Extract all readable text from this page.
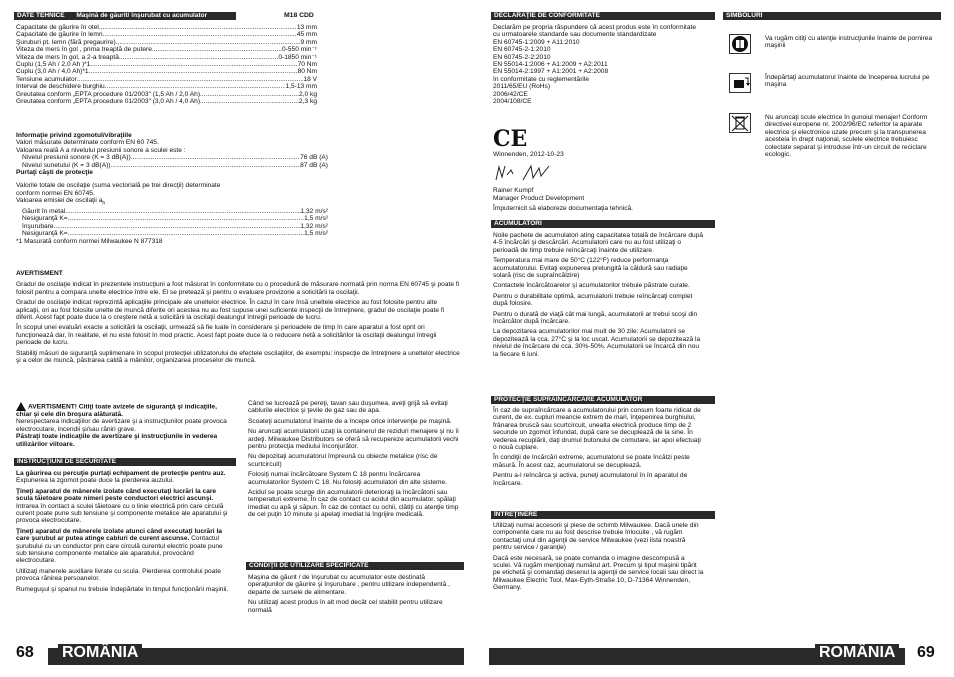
DATE TEHNICE Maşină de găurit/ înşurubat cu acumulator	M18 CDD
Capacitate de găurire în otel .....	13 mm
Capacitate de găurire în lemn .....	45 mm
Şuruburi pt. lemn (fără pregaurire) .....	9 mm
Viteza de mers în gol , prima treaptă de putere .....	0-550 min⁻¹
Viteza de mers în gol, a 2-a treaptă .....	0-1850 min⁻¹
Cuplu (1,5 Ah / 2,0 Ah )*1 .....	70 Nm
Cuplu (3,0 Ah / 4,0 Ah)*1 .....	80 Nm
Tensiune acumulator .....	18 V
Interval de deschidere burghiu .....	1,5-13 mm
Greutatea conform „EPTA procedure 01/2003" (1,5 Ah / 2,0 Ah) .....	2,0 kg
Greutatea conform „EPTA procedure 01/2003" (3,0 Ah / 4,0 Ah) .....	2,3 kg
Informaţie privind zgomotul/vibraţiile
Valori măsurate determinate conform EN 60 745.
Valoarea reală A a nivelului presiunii sonore a sculei este :
Nivelul presiunii sonore (K = 3 dB(A)) .....	76 dB (A)
Nivelul sunetului (K = 3 dB(A)) .....	87 dB (A)
Purtaţi căşti de protecţie
Valorile totale de oscilaţie (suma vectorială pe trei direcţii) determinate conform normei EN 60745.
Valoarea emisiei de oscilaţii $a_h$
Găurit în metal .....	1,32 m/s²
Nesiguranţă K= .....	1,5 m/s²
Înşurubare .....	1,32 m/s²
Nesiguranţă K= .....	1,5 m/s²
*1 Masurată conform normei Milwaukee N 877318
AVERTISMENT
Gradul de oscilaţie indicat în prezentele instrucţiuni a fost măsurat în conformitate cu o procedură de măsurare normată prin norma EN 60745 şi poate fi folosit pentru a compara unelte electrice între ele. El se pretează şi pentru o evaluare provizorie a solicitării la oscilaţii.
Gradul de oscilaţie indicat reprezintă aplicaţiile principale ale uneltelor electrice. În cazul în care însă uneltele electrice au fost folosite pentru alte aplicaţii, ori au fost folosite unelte de muncă diferite ori acestea nu au fost supuse unei suficiente inspecţii de întreţinere, gradul de oscilaţie poate fi diferit. Acest fapt poate duce la o creştere netă a solicitării la oscilaţii dealungul întregii perioade de lucru.
În scopul unei evaluări exacte a solicitării la oscilaţii, urmează să fie luate în considerare şi perioadele de timp în care aparatul a fost oprit ori funcţionează dar, în realitate, el nu este folosit în mod practic. Acest fapt poate duce la o reducere netă a solicitărilor la oscilaţii dealungul întregii perioade de lucru.
Stabiliţi măsuri de siguranţă suplimenare în scopul protecţiei utilizatorului de efectele oscilaţiilor, de exemplu: inspecţie de întreţinere a uneltelor electrice şi a celor de muncă, păstrarea caldă a mâinilor, organizarea proceselor de muncă.
AVERTISMENT! Citiţi toate avizele de siguranţă şi indicaţiile, chiar şi cele din broşura alăturată.
Nerespectarea indicaţiilor de avertizare şi a instrucţiunilor poate provoca electrocutare, incendii şi/sau răniri grave.
Păstraţi toate indicaţiile de avertizare şi instrucţiunile în vederea utilizărilor viitoare.
INSTRUCŢIUNI DE SECURITATE
La găurirea cu percuţie purtaţi echipament de protecţie pentru auz. Expunerea la zgomot poate duce la pierderea auzului.
Ţineţi aparatul de mânerele izolate când executaţi lucrări la care scula tăietoare poate nimeri peste conductori electrici ascunşi. Intrarea în contact a sculei tăietoare cu o linie electrică prin care circulă curent poate pune sub tensiune şi componente metalice ale aparatului şi provoca electrocutare.
Ţineţi aparatul de mânerele izolate atunci când executaţi lucrări la care şurubul ar putea atinge cabluri de curent ascunse. Contactul şurubului cu un conductor prin care circulă curentul electric poate pune sub tensiune componente metalice ale aparatului, provocând electrocutare.
Utilizaţi manerele auxiliare livrate cu scula. Pierderea controlului poate provoca rănirea persoanelor.
Rumeguşul şi spanul nu trebuie îndepărtate în timpul funcţionării maşinii.
Când se lucrează pe pereţi, tavan sau duşumea, aveţi grijă să evitaţi cablurile electrice şi ţevile de gaz sau de apa.
Scoateţi acumulatorul înainte de a începe orice intervenţie pe maşină.
Nu aruncaţi acumulatorii uzaţi la containerul de reziduri menajere şi nu îi ardeţi. Milwaukee Distributors se oferă să recupereze acumulatorii vechi pentru protecţia mediului înconjurător.
Nu depozitaţi acumulatorul împreună cu obiecte metalice (risc de scurtcircuit)
Folosiţi numai încărcătoare System C 18 pentru încărcarea acumulatorilor System C 18. Nu folosiţi acumulatori din alte sisteme.
Acidul se poate scurge din acumulatorii deterioraţi la încărcătorii sau temperaturi extreme. În caz de contact cu acidul din acumulator, spălaţi imediat cu apă şi săpun. În caz de contact cu ochii, clătiţi cu atenţie timp de cel puţin 10 minute şi apelaţi imediat la îngrijire medicală.
CONDIŢII DE UTILIZARE SPECIFICATE
Maşina de găurit / de înşurubat cu acumulator este destinată operaţiunilor de găurire şi înşurubare , pentru utilizare independentă , departe de sursele de alimentare.
Nu utilizaţi acest produs în alt mod decât cel stabilit pentru utilizare normală
68 ROMÂNIA
DECLARAŢIE DE CONFORMITATE
Declarăm pe propria răspundere că acest produs este în conformitate cu urmatoarele standarde sau documente standardizate
EN 60745-1:2009 + A11:2010
EN 60745-2-1:2010
EN 60745-2-2:2010
EN 55014-1:2006 + A1:2009 + A2:2011
EN 55014-2:1997 + A1:2001 + A2:2008
în conformitate cu reglementările
2011/65/EU (RoHs)
2006/42/CE
2004/108/CE
CE
Winnenden, 2012-10-23
Rainer Kumpf
Manager Product Development
Împuternicit să elaboreze documentaţia tehnică.
ACUMULATORI
Noile pachete de acumulatori ating capacitatea totală de încărcare după 4-5 încărcări şi descărcări. Acumulatorii care nu au fost utilizaţi o perioadă de timp trebuie reîncărcaţi înainte de utilizare.
Temperatura mai mare de 50°C (122°F) reduce performanţa acumulatorului. Evitaţi expunerea prelungită la căldură sau radiaţie solară (risc de supraîncălzire)
Contactele încărcătoarelor şi acumulatorilor trebuie păstrate curate.
Pentru o durabilitate optimă, acumulatorii trebuie reîncărcaţi complet după folosire.
Pentru o durată de viaţă cât mai lungă, acumulatorii ar trebui scoşi din încărcător după încărcare.
La depozitarea acumulatorilor mai mult de 30 zile: Acumulatorii se depozitează la cca. 27°C şi la loc uscat. Acumulatorii se depozitează la nivelul de încărcare de cca. 30%-50%. Acumulatorii se încarcă din nou la fiecare 6 luni.
PROTECŢIE SUPRAÎNCĂRCARE ACUMULATOR
În caz de supraîncărcare a acumulatorului prin consum foarte ridicat de curent, de ex. cupluri meancie extrem de mari, înţepenirea burghiului, frânarea bruscă sau scurtcircuit, unealta electrică produce timp de 2 secunde un zgomot înfundat, după care se decuplează de la sine. În vederea recuplării, daţi drumul butonului de comutare, iar apoi efectuaţi o nouă cuplare.
În condiţii de încărcări extreme, acumulatorul se poate încălzi peste măsură. În acest caz, acumulatorul se decuplează.
Pentru a-l reîncărca şi activa, puneţi acumulatorul în în aparatul de încărcare.
ÎNTREŢINERE
Utilizaţi numai accesorii şi piese de schimb Milwaukee. Dacă unele din componente care nu au fost descrise trebuie înlocuite , vă rugăm contactaţi unul din agenţii de service Milwaukee (vezi lista noastră pentru service / garanţie)
Dacă este necesară, se poate comanda o imagine descompusă a sculei. Vă rugăm menţionaţi numărul art. Precum şi tipul maşinii tipărit pe etichetă şi comandaţi desenul la agenţii de service locali sau direct la Milwaukee Electric Tool, Max-Eyth-Straße 10, D-71364 Winnenden, Germany.
SIMBOLURI
Va rugăm citiţi cu atenţie instrucţiunile înainte de pornirea maşinii
Îndepărtaţi acumulatorul înainte de începerea lucrului pe maşina
Nu aruncaţi scule electrice în gunoiul menajer! Conform directivei europene nr. 2002/96/EC referitor la aparate electrice şi electronice uzate precum şi la transpunerea acesteia în drept naţional, sculele electrice trebuiesc colectate separat şi introduse într-un circuit de reciclare ecologic.
ROMÂNIA 69
